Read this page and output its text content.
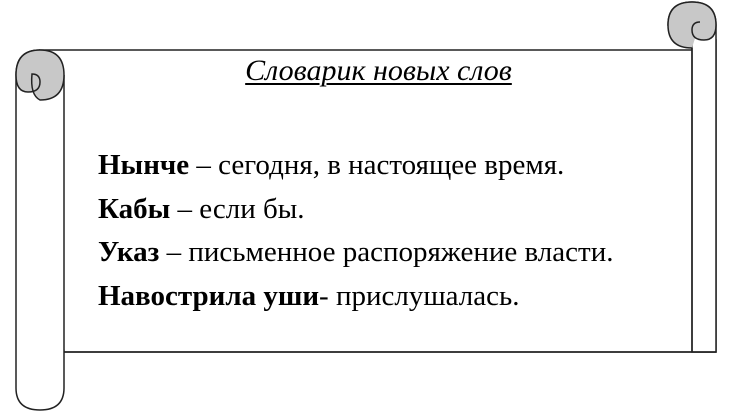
Словарик новых слов
Нынче – сегодня, в настоящее время.
Кабы – если бы.
Указ – письменное распоряжение власти.
Навострила уши- прислушалась.
